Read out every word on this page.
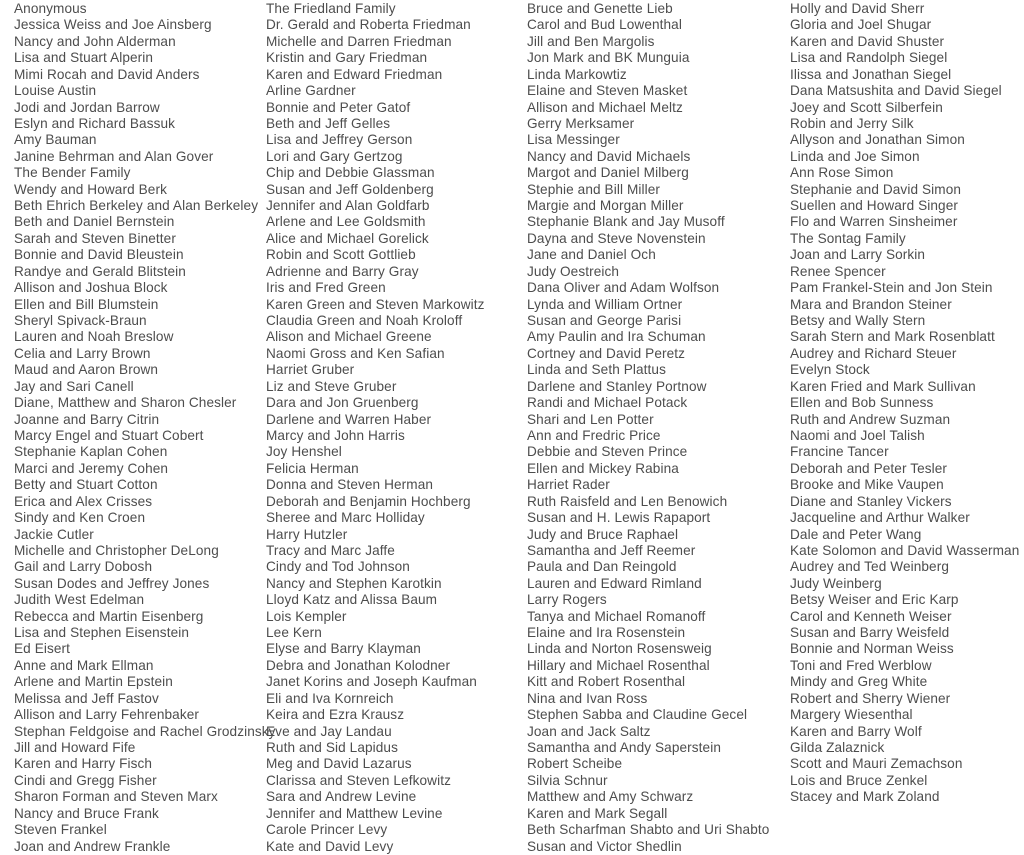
Anonymous
Jessica Weiss and Joe Ainsberg
Nancy and John Alderman
Lisa and Stuart Alperin
Mimi Rocah and David Anders
Louise Austin
Jodi and Jordan Barrow
Eslyn and Richard Bassuk
Amy Bauman
Janine Behrman and Alan Gover
The Bender Family
Wendy and Howard Berk
Beth Ehrich Berkeley and Alan Berkeley
Beth and Daniel Bernstein
Sarah and Steven Binetter
Bonnie and David Bleustein
Randye and Gerald Blitstein
Allison and Joshua Block
Ellen and Bill Blumstein
Sheryl Spivack-Braun
Lauren and Noah Breslow
Celia and Larry Brown
Maud and Aaron Brown
Jay and Sari Canell
Diane, Matthew and Sharon Chesler
Joanne and Barry Citrin
Marcy Engel and Stuart Cobert
Stephanie Kaplan Cohen
Marci and Jeremy Cohen
Betty and Stuart Cotton
Erica and Alex Crisses
Sindy and Ken Croen
Jackie Cutler
Michelle and Christopher DeLong
Gail and Larry Dobosh
Susan Dodes and Jeffrey Jones
Judith West Edelman
Rebecca and Martin Eisenberg
Lisa and Stephen Eisenstein
Ed Eisert
Anne and Mark Ellman
Arlene and Martin Epstein
Melissa and Jeff Fastov
Allison and Larry Fehrenbaker
Stephan Feldgoise and Rachel Grodzinsky
Jill and Howard Fife
Karen and Harry Fisch
Cindi and Gregg Fisher
Sharon Forman and Steven Marx
Nancy and Bruce Frank
Steven Frankel
Joan and Andrew Frankle
The Friedland Family
Dr. Gerald and Roberta Friedman
Michelle and Darren Friedman
Kristin and Gary Friedman
Karen and Edward Friedman
Arline Gardner
Bonnie and Peter Gatof
Beth and Jeff Gelles
Lisa and Jeffrey Gerson
Lori and Gary Gertzog
Chip and Debbie Glassman
Susan and Jeff Goldenberg
Jennifer and Alan Goldfarb
Arlene and Lee Goldsmith
Alice and Michael Gorelick
Robin and Scott Gottlieb
Adrienne and Barry Gray
Iris and Fred Green
Karen Green and Steven Markowitz
Claudia Green and Noah Kroloff
Alison and Michael Greene
Naomi Gross and Ken Safian
Harriet Gruber
Liz and Steve Gruber
Dara and Jon Gruenberg
Darlene and Warren Haber
Marcy and John Harris
Joy Henshel
Felicia Herman
Donna and Steven Herman
Deborah and Benjamin Hochberg
Sheree and Marc Holliday
Harry Hutzler
Tracy and Marc Jaffe
Cindy and Tod Johnson
Nancy and Stephen Karotkin
Lloyd Katz and Alissa Baum
Lois Kempler
Lee Kern
Elyse and Barry Klayman
Debra and Jonathan Kolodner
Janet Korins and Joseph Kaufman
Eli and Iva Kornreich
Keira and Ezra Krausz
Eve and Jay Landau
Ruth and Sid Lapidus
Meg and David Lazarus
Clarissa and Steven Lefkowitz
Sara and Andrew Levine
Jennifer and Matthew Levine
Carole Princer Levy
Kate and David Levy
Bruce and Genette Lieb
Carol and Bud Lowenthal
Jill and Ben Margolis
Jon Mark and BK Munguia
Linda Markowtiz
Elaine and Steven Masket
Allison and Michael Meltz
Gerry Merksamer
Lisa Messinger
Nancy and David Michaels
Margot and Daniel Milberg
Stephie and Bill Miller
Margie and Morgan Miller
Stephanie Blank and Jay Musoff
Dayna and Steve Novenstein
Jane and Daniel Och
Judy Oestreich
Dana Oliver and Adam Wolfson
Lynda and William Ortner
Susan and George Parisi
Amy Paulin and Ira Schuman
Cortney and David Peretz
Linda and Seth Plattus
Darlene and Stanley Portnow
Randi and Michael Potack
Shari and Len Potter
Ann and Fredric Price
Debbie and Steven Prince
Ellen and Mickey Rabina
Harriet Rader
Ruth Raisfeld and Len Benowich
Susan and H. Lewis Rapaport
Judy and Bruce Raphael
Samantha and Jeff Reemer
Paula and Dan Reingold
Lauren and Edward Rimland
Larry Rogers
Tanya and Michael Romanoff
Elaine and Ira Rosenstein
Linda and Norton Rosensweig
Hillary and Michael Rosenthal
Kitt and Robert Rosenthal
Nina and Ivan Ross
Stephen Sabba and Claudine Gecel
Joan and Jack Saltz
Samantha and Andy Saperstein
Robert Scheibe
Silvia Schnur
Matthew and Amy Schwarz
Karen and Mark Segall
Beth Scharfman Shabto and Uri Shabto
Susan and Victor Shedlin
Holly and David Sherr
Gloria and Joel Shugar
Karen and David Shuster
Lisa and Randolph Siegel
Ilissa and Jonathan Siegel
Dana Matsushita and David Siegel
Joey and Scott Silberfein
Robin and Jerry Silk
Allyson and Jonathan Simon
Linda and Joe Simon
Ann Rose Simon
Stephanie and David Simon
Suellen and Howard Singer
Flo and Warren Sinsheimer
The Sontag Family
Joan and Larry Sorkin
Renee Spencer
Pam Frankel-Stein and Jon Stein
Mara and Brandon Steiner
Betsy and Wally Stern
Sarah Stern and Mark Rosenblatt
Audrey and Richard Steuer
Evelyn Stock
Karen Fried and Mark Sullivan
Ellen and Bob Sunness
Ruth and Andrew Suzman
Naomi and Joel Talish
Francine Tancer
Deborah and Peter Tesler
Brooke and Mike Vaupen
Diane and Stanley Vickers
Jacqueline and Arthur Walker
Dale and Peter Wang
Kate Solomon and David Wasserman
Audrey and Ted Weinberg
Judy Weinberg
Betsy Weiser and Eric Karp
Carol and Kenneth Weiser
Susan and Barry Weisfeld
Bonnie and Norman Weiss
Toni and Fred Werblow
Mindy and Greg White
Robert and Sherry Wiener
Margery Wiesenthal
Karen and Barry Wolf
Gilda Zalaznick
Scott and Mauri Zemachson
Lois and Bruce Zenkel
Stacey and Mark Zoland
